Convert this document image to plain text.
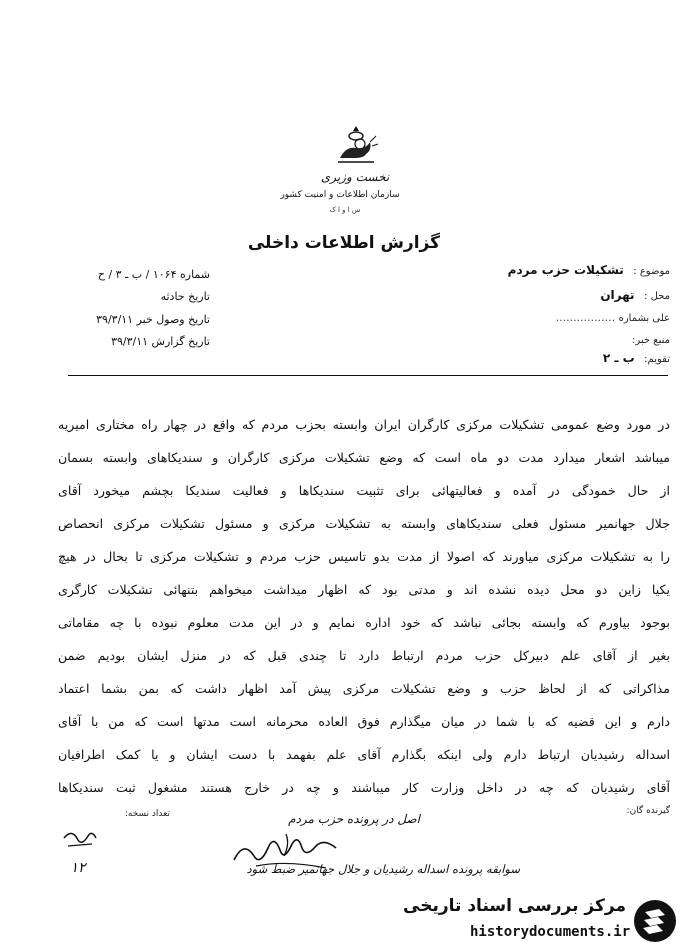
نخست وزیری
سازمان اطلاعات و امنیت کشور
س ا و ا ک
گزارش اطلاعات داخلی
موضوع : تشکیلات حزب مردم
محل : تهران
علی بشماره .................
منبع خبر:
تقویم: ب ـ ۲
شماره ۱۰۶۴ / ب ـ ۳ / ح
تاریخ حادثه
تاریخ وصول خبر ۳۹/۳/۱۱
تاریخ گزارش ۳۹/۳/۱۱
در مورد وضع عمومی تشکیلات مرکزی کارگران ایران وابسته بحزب مردم که واقع در چهار راه مختاری امیریه
میباشد اشعار میدارد مدت دو ماه است که وضع تشکیلات مرکزی کارگران و سندیکاهای وابسته بسمان
از حال خمودگی در آمده و فعالیتهائی برای تثبیت سندیکاها و فعالیت سندیکا بچشم میخورد آقای
جلال جهانمیر مسئول فعلی سندیکاهای وابسته به تشکیلات مرکزی و مسئول تشکیلات مرکزی انحصاص
را به تشکیلات مرکزی میاورند که اصولا از مدت بدو تاسیس حزب مردم و تشکیلات مرکزی تا بحال در هیچ
یکیا زاین دو محل دیده نشده اند و مدتی بود که اظهار میداشت میخواهم بتنهائی تشکیلات کارگری
بوجود بیاورم که وابسته بجائی نباشد که خود اداره نمایم و در این مدت معلوم نبوده با چه مقاماتی
بغیر از آقای علم دبیرکل حزب مردم ارتباط دارد تا چندی قبل که در منزل ایشان بودیم ضمن
مذاکراتی که از لحاظ حزب و وضع تشکیلات مرکزی پیش آمد اظهار داشت که بمن بشما اعتماد
دارم و این قضیه که با شما در میان میگذارم فوق العاده محرمانه است مدتها است که من با آقای
اسداله رشیدیان ارتباط دارم ولی اینکه بگذارم آقای علم بفهمد با دست ایشان و یا کمک اطرافیان
آقای رشیدیان که چه در داخل وزارت کار میباشند و چه در خارج هستند مشغول ثبت سندیکاها
گیرنده گان:
تعداد نسخه:	اصل در پرونده حزب مردم
سوابقه پرونده اسداله رشیدیان و جلال جهانمیر ضبط شود
۱۲
مرکز بررسی اسناد تاریخی
historydocuments.ir
